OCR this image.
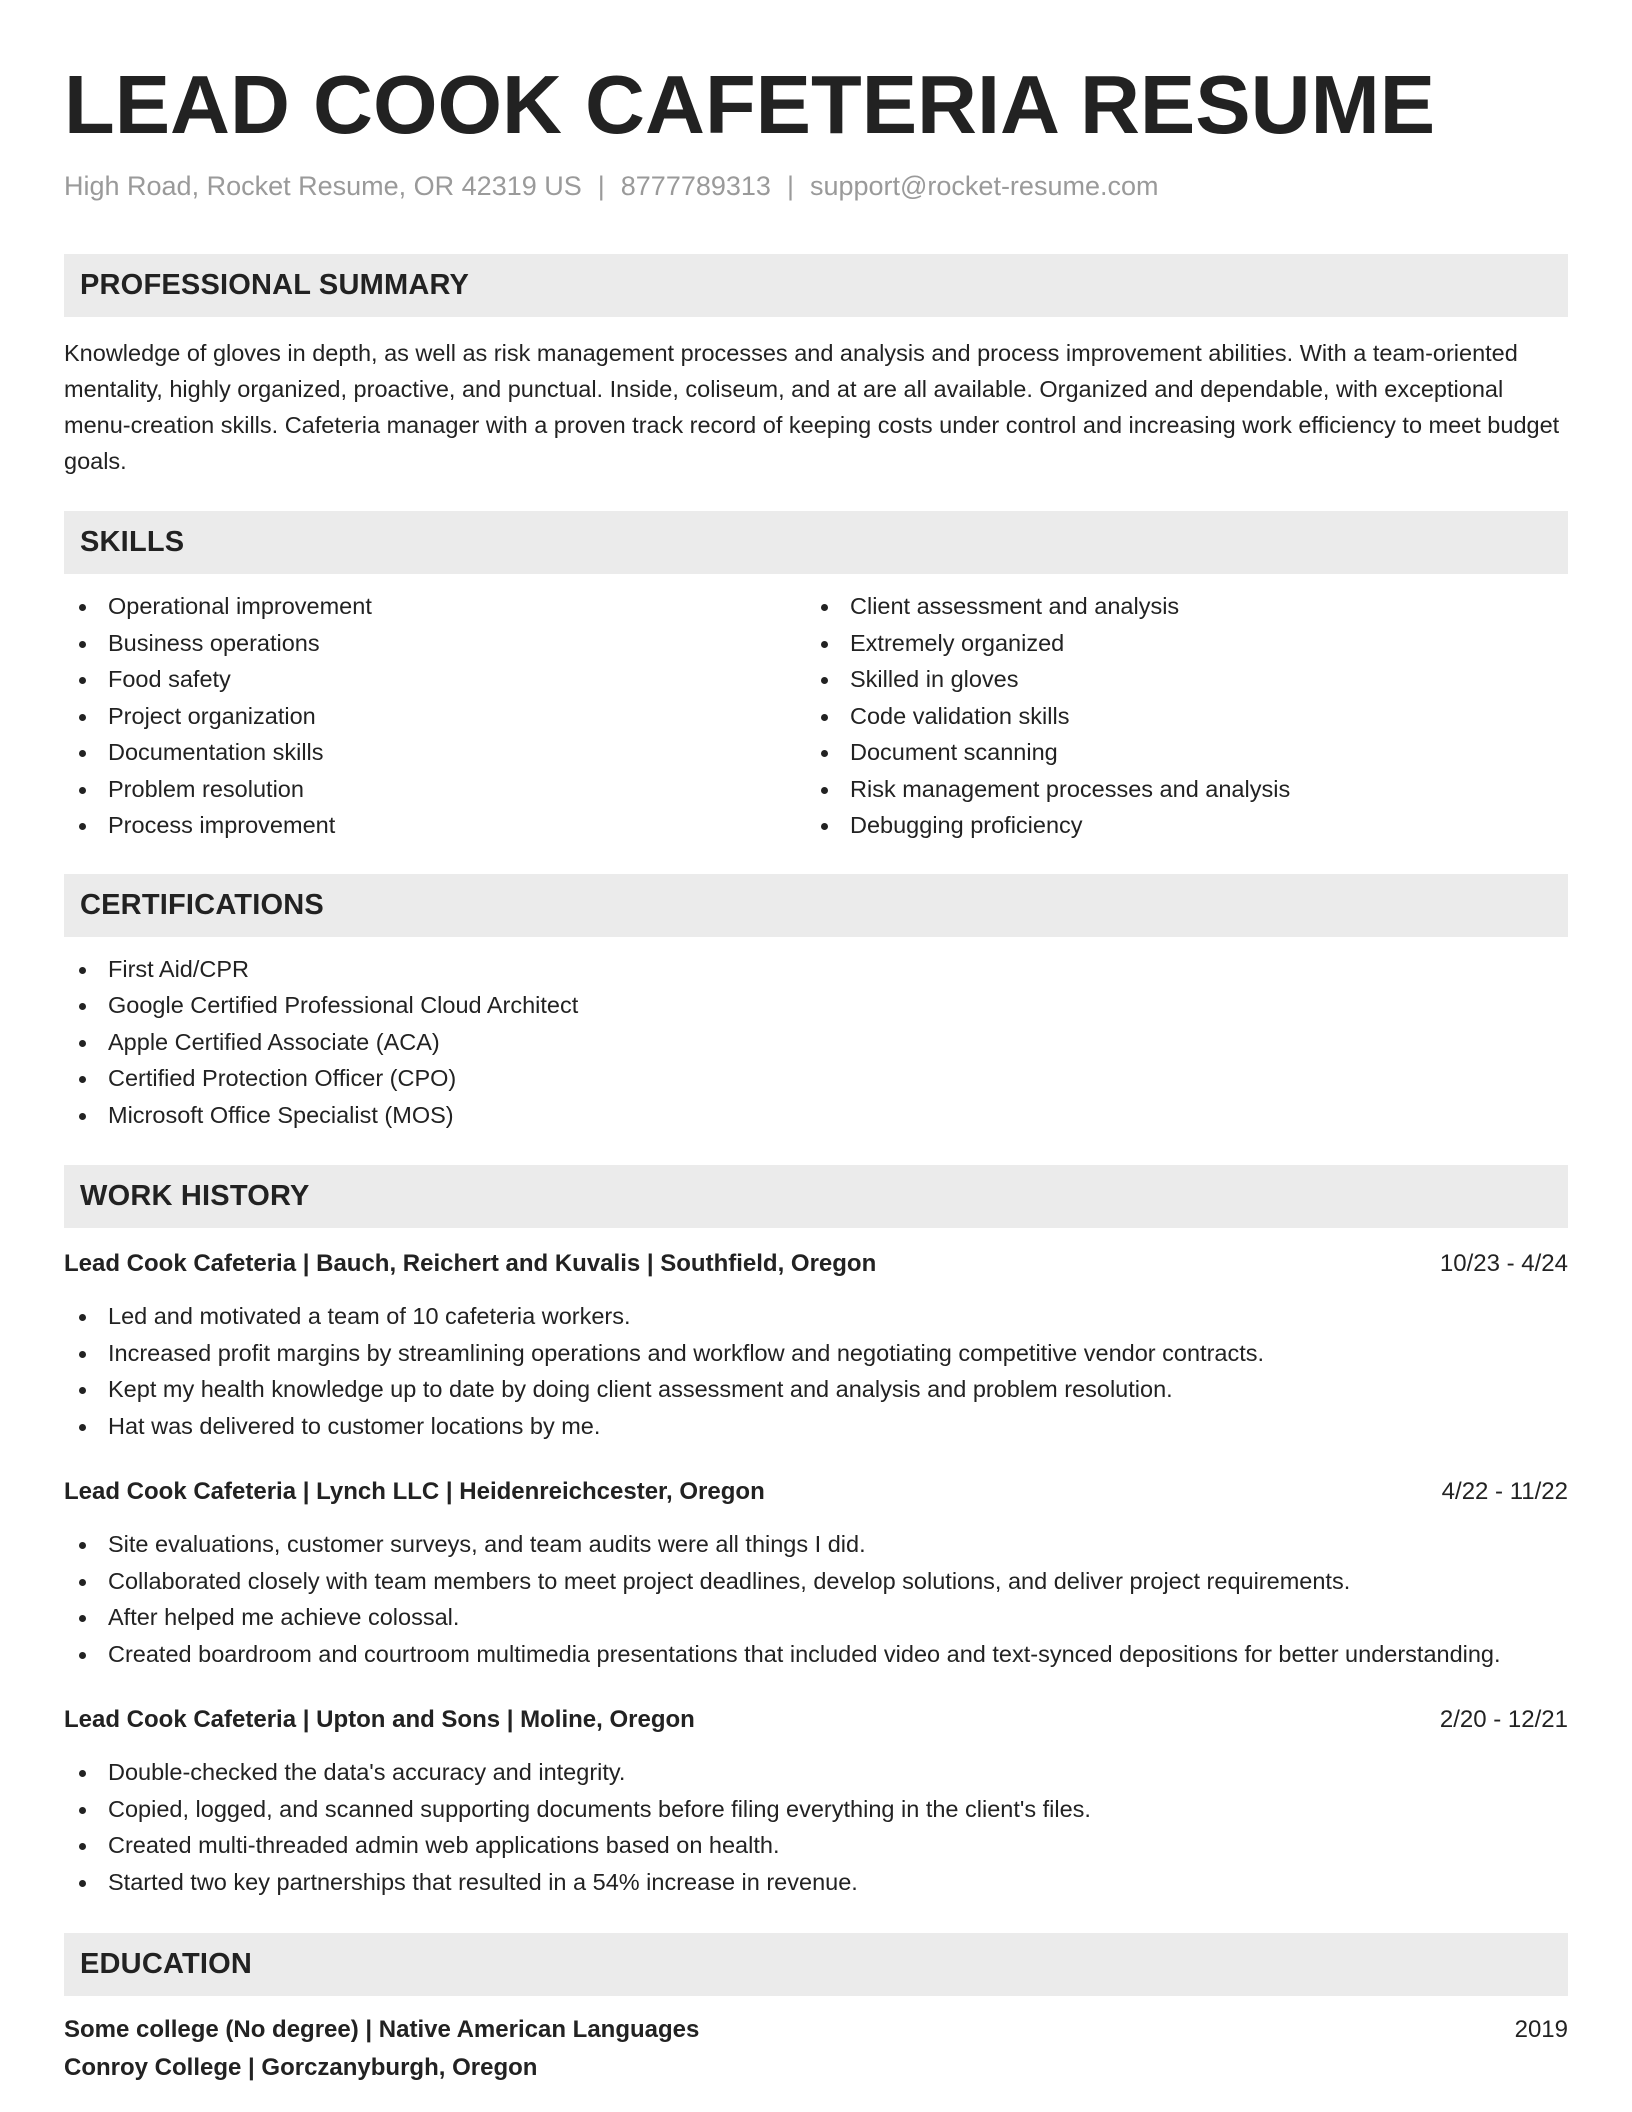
LEAD COOK CAFETERIA RESUME
High Road, Rocket Resume, OR 42319 US | 8777789313 | support@rocket-resume.com
PROFESSIONAL SUMMARY
Knowledge of gloves in depth, as well as risk management processes and analysis and process improvement abilities. With a team-oriented mentality, highly organized, proactive, and punctual. Inside, coliseum, and at are all available. Organized and dependable, with exceptional menu-creation skills. Cafeteria manager with a proven track record of keeping costs under control and increasing work efficiency to meet budget goals.
SKILLS
Operational improvement
Business operations
Food safety
Project organization
Documentation skills
Problem resolution
Process improvement
Client assessment and analysis
Extremely organized
Skilled in gloves
Code validation skills
Document scanning
Risk management processes and analysis
Debugging proficiency
CERTIFICATIONS
First Aid/CPR
Google Certified Professional Cloud Architect
Apple Certified Associate (ACA)
Certified Protection Officer (CPO)
Microsoft Office Specialist (MOS)
WORK HISTORY
Lead Cook Cafeteria | Bauch, Reichert and Kuvalis | Southfield, Oregon	10/23 - 4/24
Led and motivated a team of 10 cafeteria workers.
Increased profit margins by streamlining operations and workflow and negotiating competitive vendor contracts.
Kept my health knowledge up to date by doing client assessment and analysis and problem resolution.
Hat was delivered to customer locations by me.
Lead Cook Cafeteria | Lynch LLC | Heidenreichcester, Oregon	4/22 - 11/22
Site evaluations, customer surveys, and team audits were all things I did.
Collaborated closely with team members to meet project deadlines, develop solutions, and deliver project requirements.
After helped me achieve colossal.
Created boardroom and courtroom multimedia presentations that included video and text-synced depositions for better understanding.
Lead Cook Cafeteria | Upton and Sons | Moline, Oregon	2/20 - 12/21
Double-checked the data's accuracy and integrity.
Copied, logged, and scanned supporting documents before filing everything in the client's files.
Created multi-threaded admin web applications based on health.
Started two key partnerships that resulted in a 54% increase in revenue.
EDUCATION
Some college (No degree) | Native American Languages	2019
Conroy College | Gorczanyburgh, Oregon
